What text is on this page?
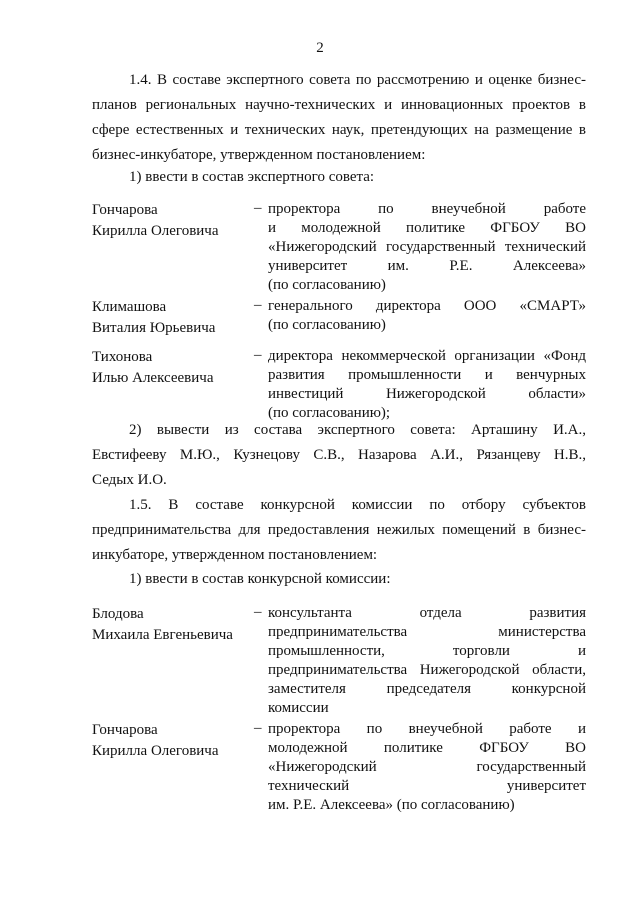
2
1.4. В составе экспертного совета по рассмотрению и оценке бизнес-
планов региональных научно-технических и инновационных проектов в
сфере естественных и технических наук, претендующих на размещение в
бизнес-инкубаторе, утвержденном постановлением:
1) ввести в состав экспертного совета:
Гончарова
Кирилла Олеговича
– проректора по внеучебной работе
и молодежной политике ФГБОУ ВО
«Нижегородский государственный технический
университет им. Р.Е. Алексеева»
(по согласованию)
Климашова
Виталия Юрьевича
– генерального директора ООО «СМАРТ»
(по согласованию)
Тихонова
Илью Алексеевича
– директора некоммерческой организации «Фонд
развития промышленности и венчурных
инвестиций Нижегородской области»
(по согласованию);
2) вывести из состава экспертного совета: Арташину И.А.,
Евстифееву М.Ю., Кузнецову С.В., Назарова А.И., Рязанцеву Н.В.,
Седых И.О.
1.5. В составе конкурсной комиссии по отбору субъектов
предпринимательства для предоставления нежилых помещений в бизнес-
инкубаторе, утвержденном постановлением:
1) ввести в состав конкурсной комиссии:
Блодова
Михаила Евгеньевича
– консультанта отдела развития
предпринимательства министерства
промышленности, торговли и
предпринимательства Нижегородской области,
заместителя председателя конкурсной
комиссии
Гончарова
Кирилла Олеговича
– проректора по внеучебной работе и
молодежной политике ФГБОУ ВО
«Нижегородский государственный
технический университет
им. Р.Е. Алексеева» (по согласованию)
